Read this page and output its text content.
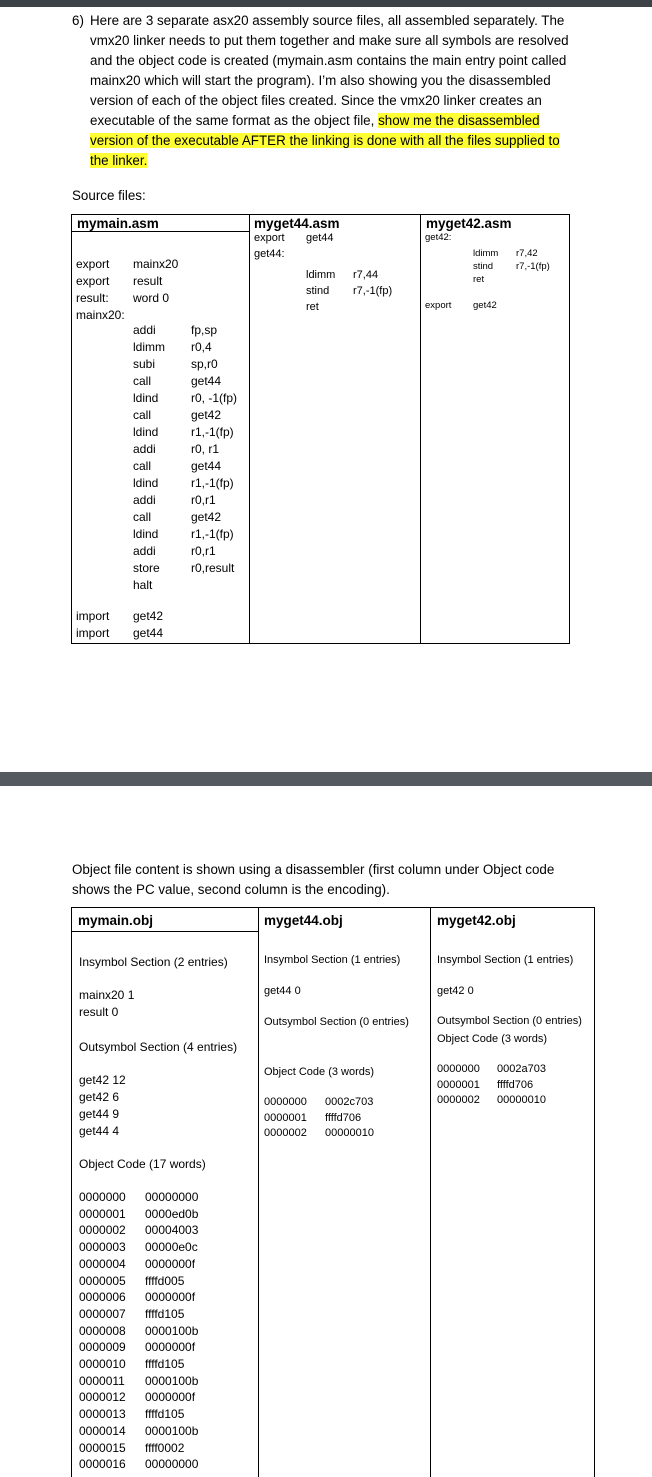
6) Here are 3 separate asx20 assembly source files, all assembled separately. The vmx20 linker needs to put them together and make sure all symbols are resolved and the object code is created (mymain.asm contains the main entry point called mainx20 which will start the program). I’m also showing you the disassembled version of each of the object files created. Since the vmx20 linker creates an executable of the same format as the object file, show me the disassembled version of the executable AFTER the linking is done with all the files supplied to the linker.
Source files:
mymain.asm
export mainx20
export result
result: word 0
mainx20:
addi	fp,sp
ldimm r0,4
subi	sp,r0
call	get44
ldind	r0, -1(fp)
call	get42
ldind	r1,-1(fp)
addi	r0, r1
call	get44
ldind	r1,-1(fp)
addi	r0,r1
call	get42
ldind	r1,-1(fp)
addi	r0,r1
store	r0,result
halt
import get42
import get44

myget44.asm
export get44
get44:
ldimm r7,44
stind r7,-1(fp)
ret

myget42.asm
get42:
ldimm r7,42
stind r7,-1(fp)
ret
export get42
Object file content is shown using a disassembler (first column under Object code shows the PC value, second column is the encoding).
mymain.obj
Insymbol Section (2 entries)
mainx20 1
result 0
Outsymbol Section (4 entries)
get42 12
get42 6
get44 9
get44 4
Object Code (17 words)
0000000 00000000
0000001 0000ed0b
0000002 00004003
0000003 00000e0c
0000004 0000000f
0000005 ffffd005
0000006 0000000f
0000007 ffffd105
0000008 0000100b
0000009 0000000f
0000010 ffffd105
0000011 0000100b
0000012 0000000f
0000013 ffffd105
0000014 0000100b
0000015 ffff0002
0000016 00000000

myget44.obj
Insymbol Section (1 entries)
get44 0
Outsymbol Section (0 entries)
Object Code (3 words)
0000000 0002c703
0000001 ffffd706
0000002 00000010

myget42.obj
Insymbol Section (1 entries)
get42 0
Outsymbol Section (0 entries)
Object Code (3 words)
0000000 0002a703
0000001 ffffd706
0000002 00000010
